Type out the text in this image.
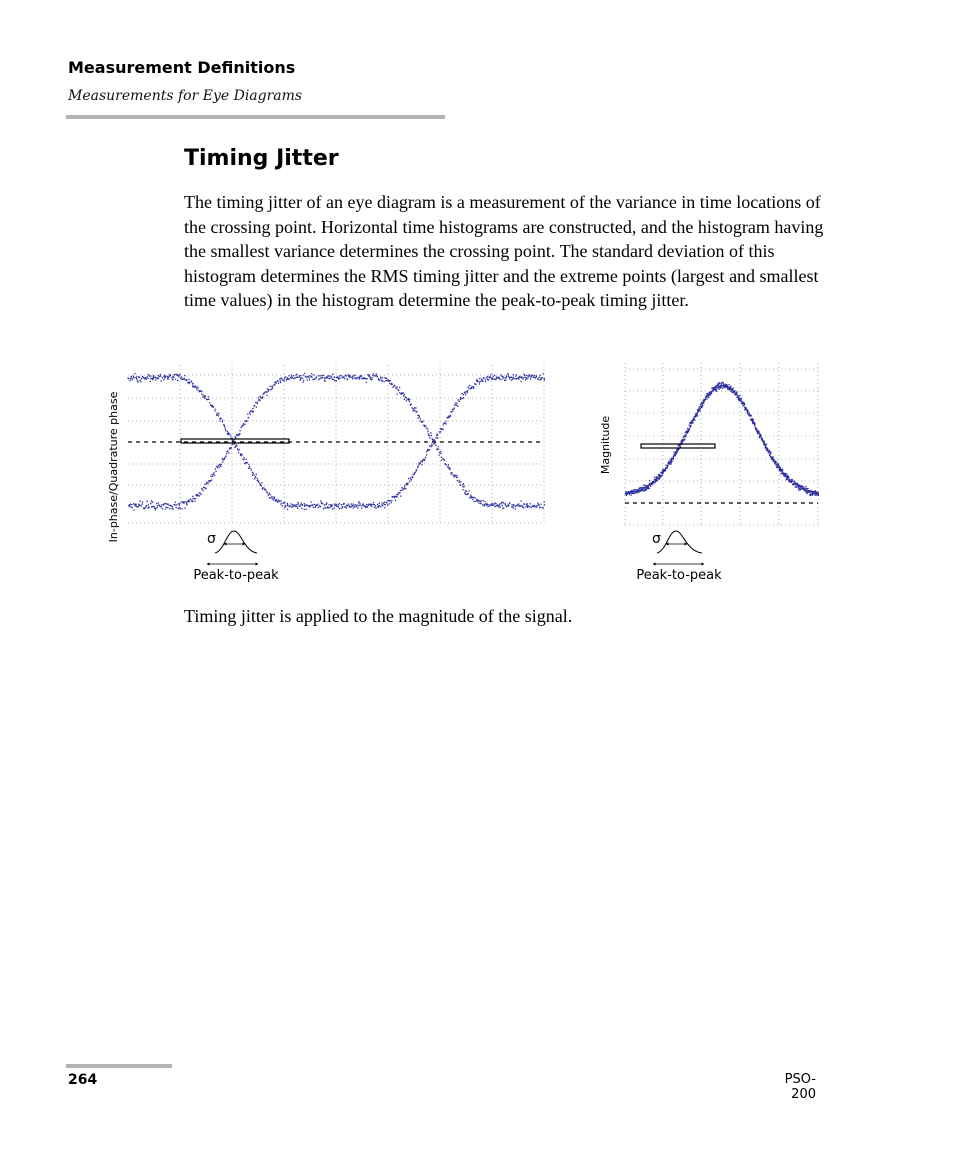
Measurement Definitions
Measurements for Eye Diagrams
Timing Jitter

The timing jitter of an eye diagram is a measurement of the variance in time locations of the crossing point. Horizontal time histograms are constructed, and the histogram having the smallest variance determines the crossing point. The standard deviation of this histogram determines the RMS timing jitter and the extreme points (largest and smallest time values) in the histogram determine the peak-to-peak timing jitter.

In-phase/Quadrature phase	σ
Peak-to-peak
Magnitude
σ
Peak-to-peak

Timing jitter is applied to the magnitude of the signal.

264	PSO-200
